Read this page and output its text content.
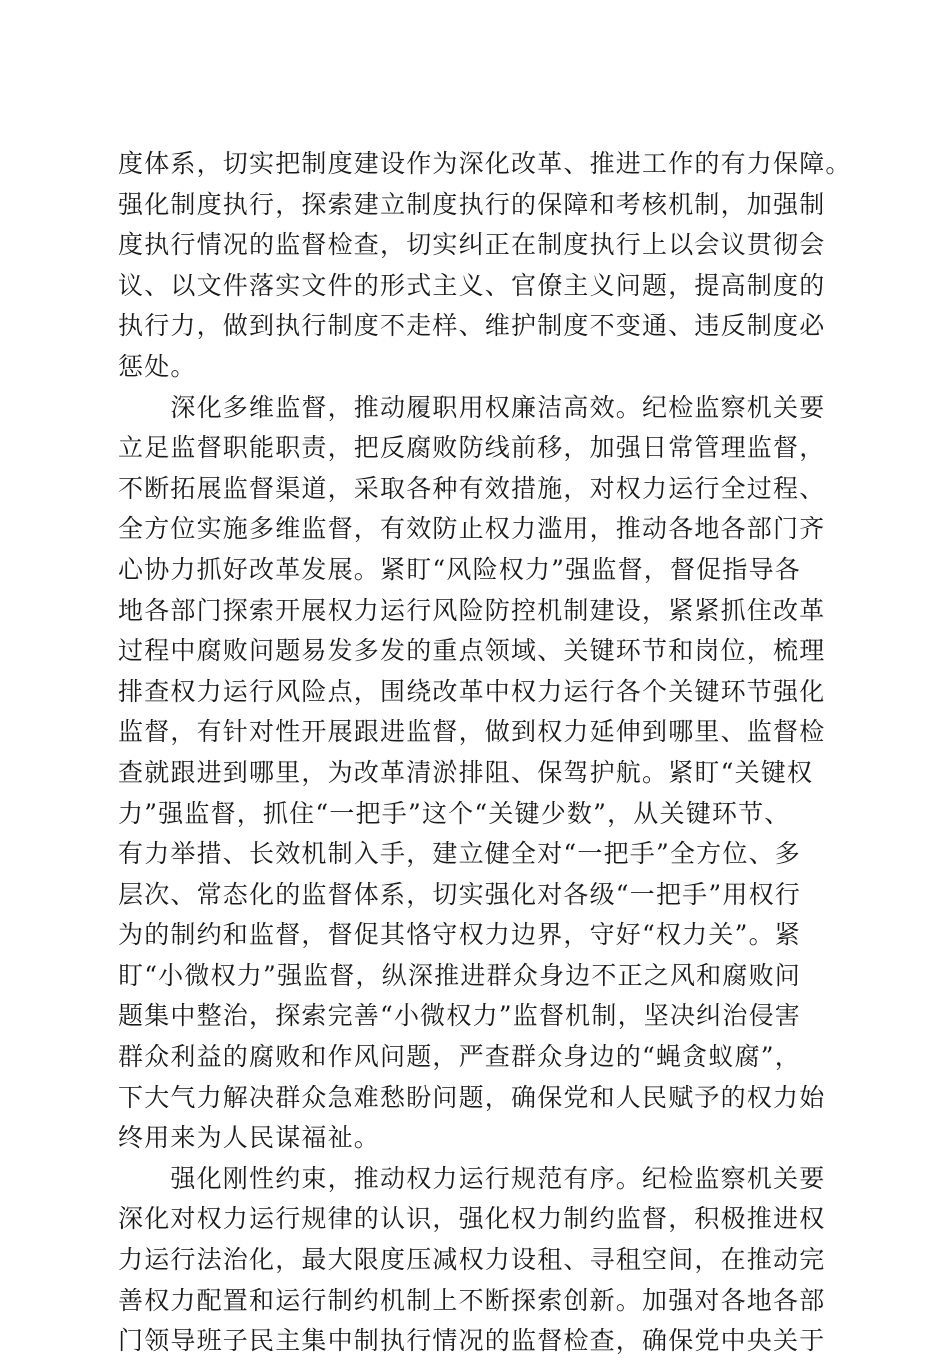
度体系，切实把制度建设作为深化改革、推进工作的有力保障。
强化制度执行，探索建立制度执行的保障和考核机制，加强制
度执行情况的监督检查，切实纠正在制度执行上以会议贯彻会
议、以文件落实文件的形式主义、官僚主义问题，提高制度的
执行力，做到执行制度不走样、维护制度不变通、违反制度必
惩处。
　　深化多维监督，推动履职用权廉洁高效。纪检监察机关要
立足监督职能职责，把反腐败防线前移，加强日常管理监督，
不断拓展监督渠道，采取各种有效措施，对权力运行全过程、
全方位实施多维监督，有效防止权力滥用，推动各地各部门齐
心协力抓好改革发展。紧盯“风险权力”强监督，督促指导各
地各部门探索开展权力运行风险防控机制建设，紧紧抓住改革
过程中腐败问题易发多发的重点领域、关键环节和岗位，梳理
排查权力运行风险点，围绕改革中权力运行各个关键环节强化
监督，有针对性开展跟进监督，做到权力延伸到哪里、监督检
查就跟进到哪里，为改革清淤排阻、保驾护航。紧盯“关键权
力”强监督，抓住“一把手”这个“关键少数”，从关键环节、
有力举措、长效机制入手，建立健全对“一把手”全方位、多
层次、常态化的监督体系，切实强化对各级“一把手”用权行
为的制约和监督，督促其恪守权力边界，守好“权力关”。紧
盯“小微权力”强监督，纵深推进群众身边不正之风和腐败问
题集中整治，探索完善“小微权力”监督机制，坚决纠治侵害
群众利益的腐败和作风问题，严查群众身边的“蝇贪蚁腐”，
下大气力解决群众急难愁盼问题，确保党和人民赋予的权力始
终用来为人民谋福祉。
　　强化刚性约束，推动权力运行规范有序。纪检监察机关要
深化对权力运行规律的认识，强化权力制约监督，积极推进权
力运行法治化，最大限度压减权力设租、寻租空间，在推动完
善权力配置和运行制约机制上不断探索创新。加强对各地各部
门领导班子民主集中制执行情况的监督检查，确保党中央关于
